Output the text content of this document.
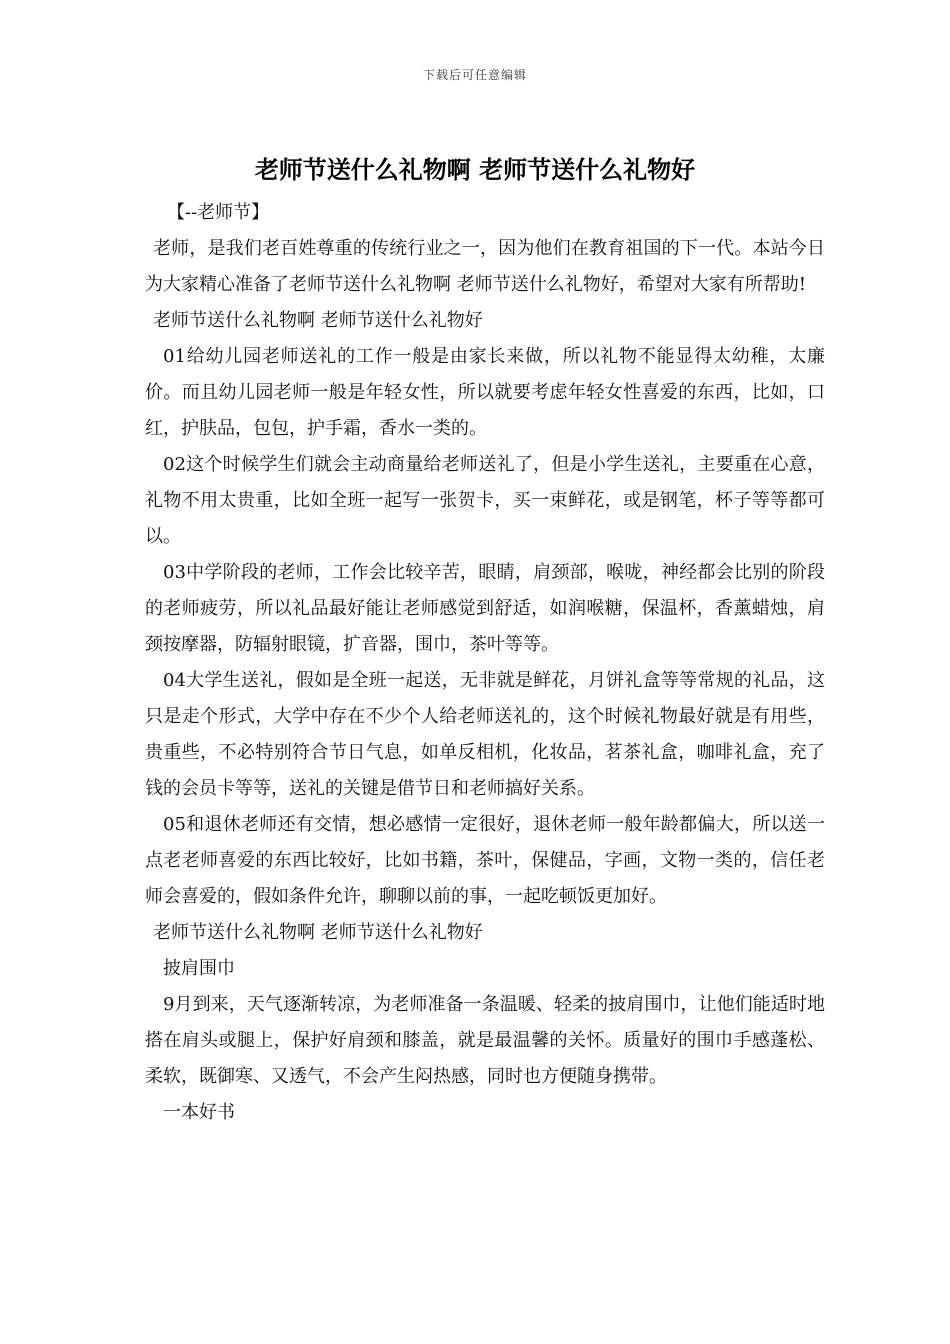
下载后可任意编辑
老师节送什么礼物啊 老师节送什么礼物好

【--老师节】

老师，是我们老百姓尊重的传统行业之一，因为他们在教育祖国的下一代。本站今日为大家精心准备了老师节送什么礼物啊 老师节送什么礼物好，希望对大家有所帮助!

老师节送什么礼物啊 老师节送什么礼物好

01给幼儿园老师送礼的工作一般是由家长来做，所以礼物不能显得太幼稚，太廉价。而且幼儿园老师一般是年轻女性，所以就要考虑年轻女性喜爱的东西，比如，口红，护肤品，包包，护手霜，香水一类的。

02这个时候学生们就会主动商量给老师送礼了，但是小学生送礼，主要重在心意，礼物不用太贵重，比如全班一起写一张贺卡，买一束鲜花，或是钢笔，杯子等等都可以。

03中学阶段的老师，工作会比较辛苦，眼睛，肩颈部，喉咙，神经都会比别的阶段的老师疲劳，所以礼品最好能让老师感觉到舒适，如润喉糖，保温杯，香薰蜡烛，肩颈按摩器，防辐射眼镜，扩音器，围巾，茶叶等等。

04大学生送礼，假如是全班一起送，无非就是鲜花，月饼礼盒等等常规的礼品，这只是走个形式，大学中存在不少个人给老师送礼的，这个时候礼物最好就是有用些，贵重些，不必特别符合节日气息，如单反相机，化妆品，茗茶礼盒，咖啡礼盒，充了钱的会员卡等等，送礼的关键是借节日和老师搞好关系。

05和退休老师还有交情，想必感情一定很好，退休老师一般年龄都偏大，所以送一点老老师喜爱的东西比较好，比如书籍，茶叶，保健品，字画，文物一类的，信任老师会喜爱的，假如条件允许，聊聊以前的事，一起吃顿饭更加好。

老师节送什么礼物啊 老师节送什么礼物好

披肩围巾

9月到来，天气逐渐转凉，为老师准备一条温暖、轻柔的披肩围巾，让他们能适时地搭在肩头或腿上，保护好肩颈和膝盖，就是最温馨的关怀。质量好的围巾手感蓬松、柔软，既御寒、又透气，不会产生闷热感，同时也方便随身携带。

一本好书
